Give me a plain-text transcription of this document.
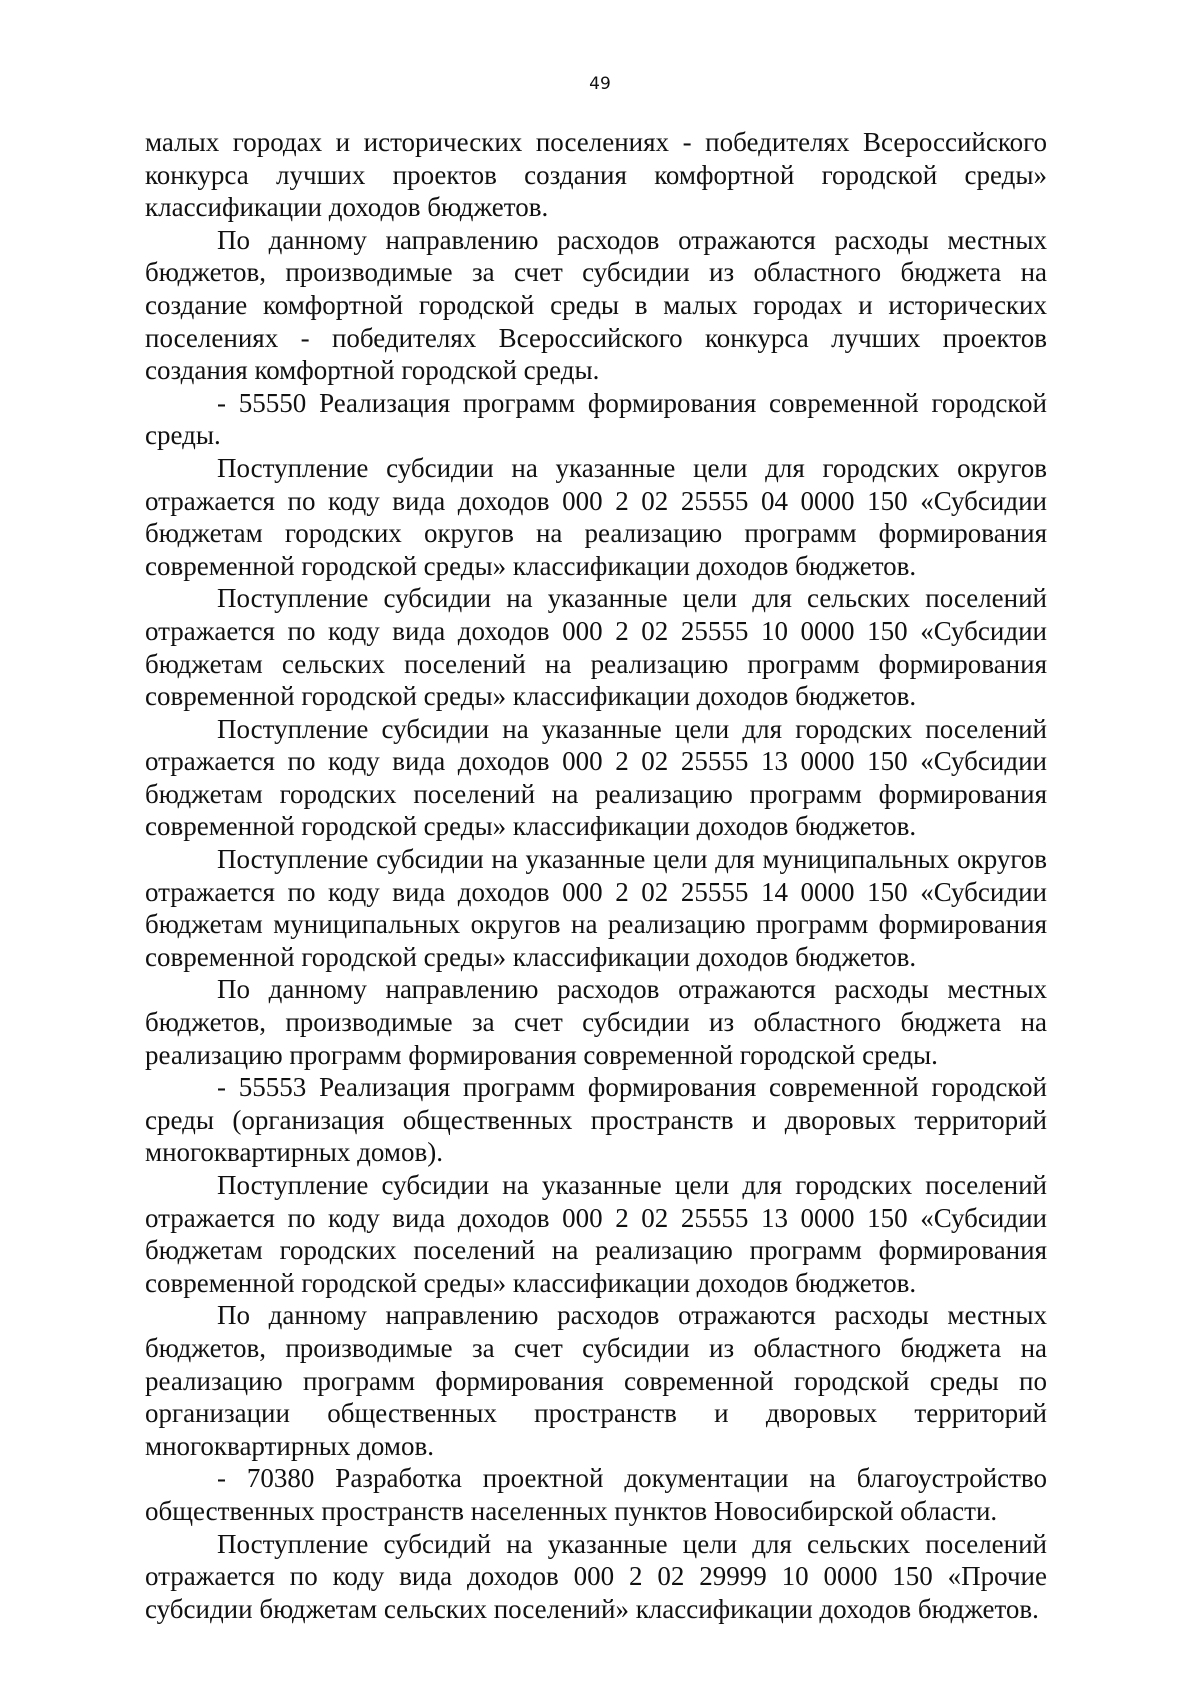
49

малых городах и исторических поселениях - победителях Всероссийского конкурса лучших проектов создания комфортной городской среды» классификации доходов бюджетов.

По данному направлению расходов отражаются расходы местных бюджетов, производимые за счет субсидии из областного бюджета на создание комфортной городской среды в малых городах и исторических поселениях - победителях Всероссийского конкурса лучших проектов создания комфортной городской среды.

- 55550 Реализация программ формирования современной городской среды.

Поступление субсидии на указанные цели для городских округов отражается по коду вида доходов 000 2 02 25555 04 0000 150 «Субсидии бюджетам городских округов на реализацию программ формирования современной городской среды» классификации доходов бюджетов.

Поступление субсидии на указанные цели для сельских поселений отражается по коду вида доходов 000 2 02 25555 10 0000 150 «Субсидии бюджетам сельских поселений на реализацию программ формирования современной городской среды» классификации доходов бюджетов.

Поступление субсидии на указанные цели для городских поселений отражается по коду вида доходов 000 2 02 25555 13 0000 150 «Субсидии бюджетам городских поселений на реализацию программ формирования современной городской среды» классификации доходов бюджетов.

Поступление субсидии на указанные цели для муниципальных округов отражается по коду вида доходов 000 2 02 25555 14 0000 150 «Субсидии бюджетам муниципальных округов на реализацию программ формирования современной городской среды» классификации доходов бюджетов.

По данному направлению расходов отражаются расходы местных бюджетов, производимые за счет субсидии из областного бюджета на реализацию программ формирования современной городской среды.

- 55553 Реализация программ формирования современной городской среды (организация общественных пространств и дворовых территорий многоквартирных домов).

Поступление субсидии на указанные цели для городских поселений отражается по коду вида доходов 000 2 02 25555 13 0000 150 «Субсидии бюджетам городских поселений на реализацию программ формирования современной городской среды» классификации доходов бюджетов.

По данному направлению расходов отражаются расходы местных бюджетов, производимые за счет субсидии из областного бюджета на реализацию программ формирования современной городской среды по организации общественных пространств и дворовых территорий многоквартирных домов.

- 70380 Разработка проектной документации на благоустройство общественных пространств населенных пунктов Новосибирской области.

Поступление субсидий на указанные цели для сельских поселений отражается по коду вида доходов 000 2 02 29999 10 0000 150 «Прочие субсидии бюджетам сельских поселений» классификации доходов бюджетов.
